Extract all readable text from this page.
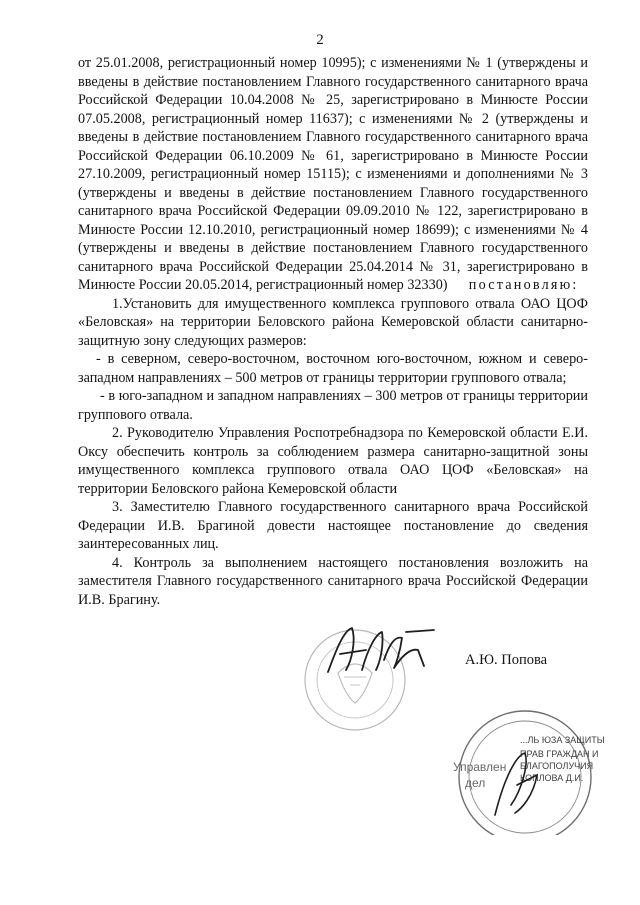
2

от 25.01.2008, регистрационный номер 10995); с изменениями № 1 (утверждены и введены в действие постановлением Главного государственного санитарного врача Российской Федерации 10.04.2008 № 25, зарегистрировано в Минюсте России 07.05.2008, регистрационный номер 11637); с изменениями № 2 (утверждены и введены в действие постановлением Главного государственного санитарного врача Российской Федерации 06.10.2009 № 61, зарегистрировано в Минюсте России 27.10.2009, регистрационный номер 15115); с изменениями и дополнениями № 3 (утверждены и введены в действие постановлением Главного государственного санитарного врача Российской Федерации 09.09.2010 № 122, зарегистрировано в Минюсте России 12.10.2010, регистрационный номер 18699); с изменениями № 4 (утверждены и введены в действие постановлением Главного государственного санитарного врача Российской Федерации 25.04.2014 № 31, зарегистрировано в Минюсте России 20.05.2014, регистрационный номер 32330) постановляю:

1.Установить для имущественного комплекса группового отвала ОАО ЦОФ «Беловская» на территории Беловского района Кемеровской области санитарно-защитную зону следующих размеров:

- в северном, северо-восточном, восточном юго-восточном, южном и северо-западном направлениях – 500 метров от границы территории группового отвала;

- в юго-западном и западном направлениях – 300 метров от границы территории группового отвала.

2. Руководителю Управления Роспотребнадзора по Кемеровской области Е.И. Оксу обеспечить контроль за соблюдением размера санитарно-защитной зоны имущественного комплекса группового отвала ОАО ЦОФ «Беловская» на территории Беловского района Кемеровской области

3. Заместителю Главного государственного санитарного врача Российской Федерации И.В. Брагиной довести настоящее постановление до сведения заинтересованных лиц.

4. Контроль за выполнением настоящего постановления возложить на заместителя Главного государственного санитарного врача Российской Федерации И.В. Брагину.

А.Ю. Попова
...ЛЬ ЮЗА ЗАЩИТЫ
ПРАВ ГРАЖДАН И
БЛАГОПОЛУЧИЯ
КОПЛОВА Д.И.
Управлен
дел
